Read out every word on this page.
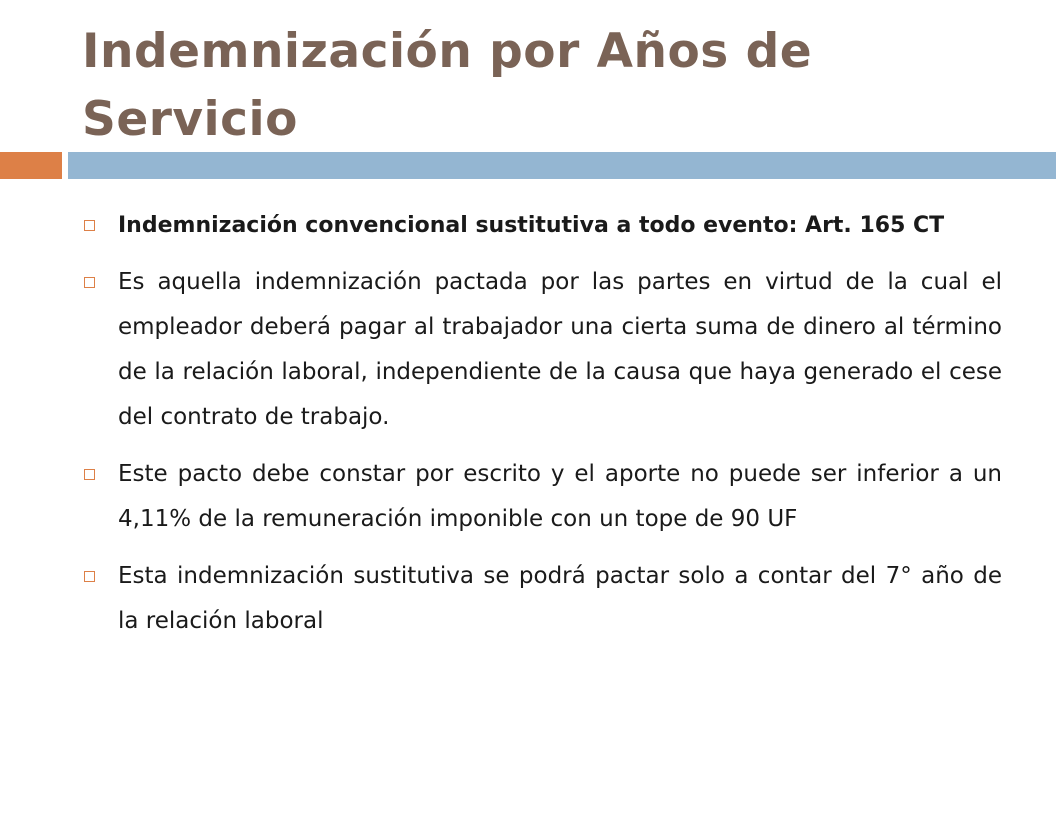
Indemnización por Años de Servicio
Indemnización convencional sustitutiva a todo evento: Art. 165 CT
Es aquella indemnización pactada por las partes en virtud de la cual el empleador deberá pagar al trabajador una cierta suma de dinero al término de la relación laboral, independiente de la causa que haya generado el cese del contrato de trabajo.
Este pacto debe constar por escrito y el aporte no puede ser inferior a un 4,11% de la remuneración imponible con un tope de 90 UF
Esta indemnización sustitutiva se podrá pactar solo a contar del 7° año de la relación laboral
